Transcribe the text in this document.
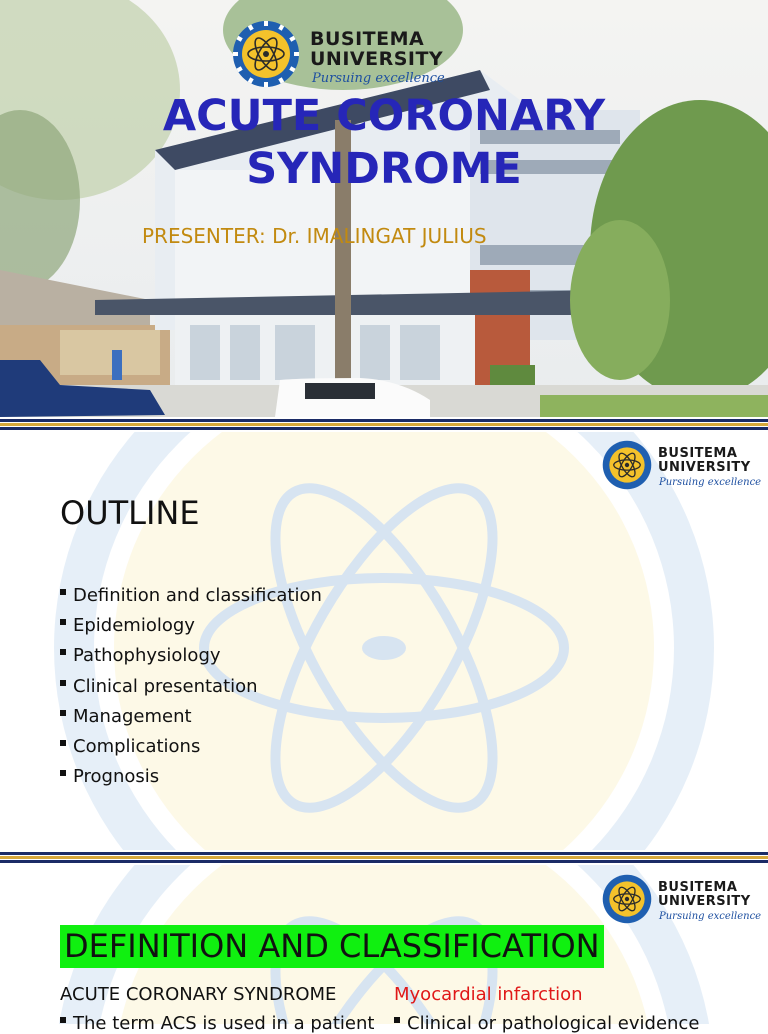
BUSITEMA
UNIVERSITY
Pursuing excellence
ACUTE CORONARY
SYNDROME
PRESENTER: Dr. IMALINGAT JULIUS
BUSITEMA
UNIVERSITY
Pursuing excellence
OUTLINE
Definition and classification
Epidemiology
Pathophysiology
Clinical presentation
Management
Complications
Prognosis
BUSITEMA
UNIVERSITY
Pursuing excellence
DEFINITION AND CLASSIFICATION
ACUTE CORONARY SYNDROME	Myocardial infarction
The term ACS is used in a patient	Clinical or pathological evidence
